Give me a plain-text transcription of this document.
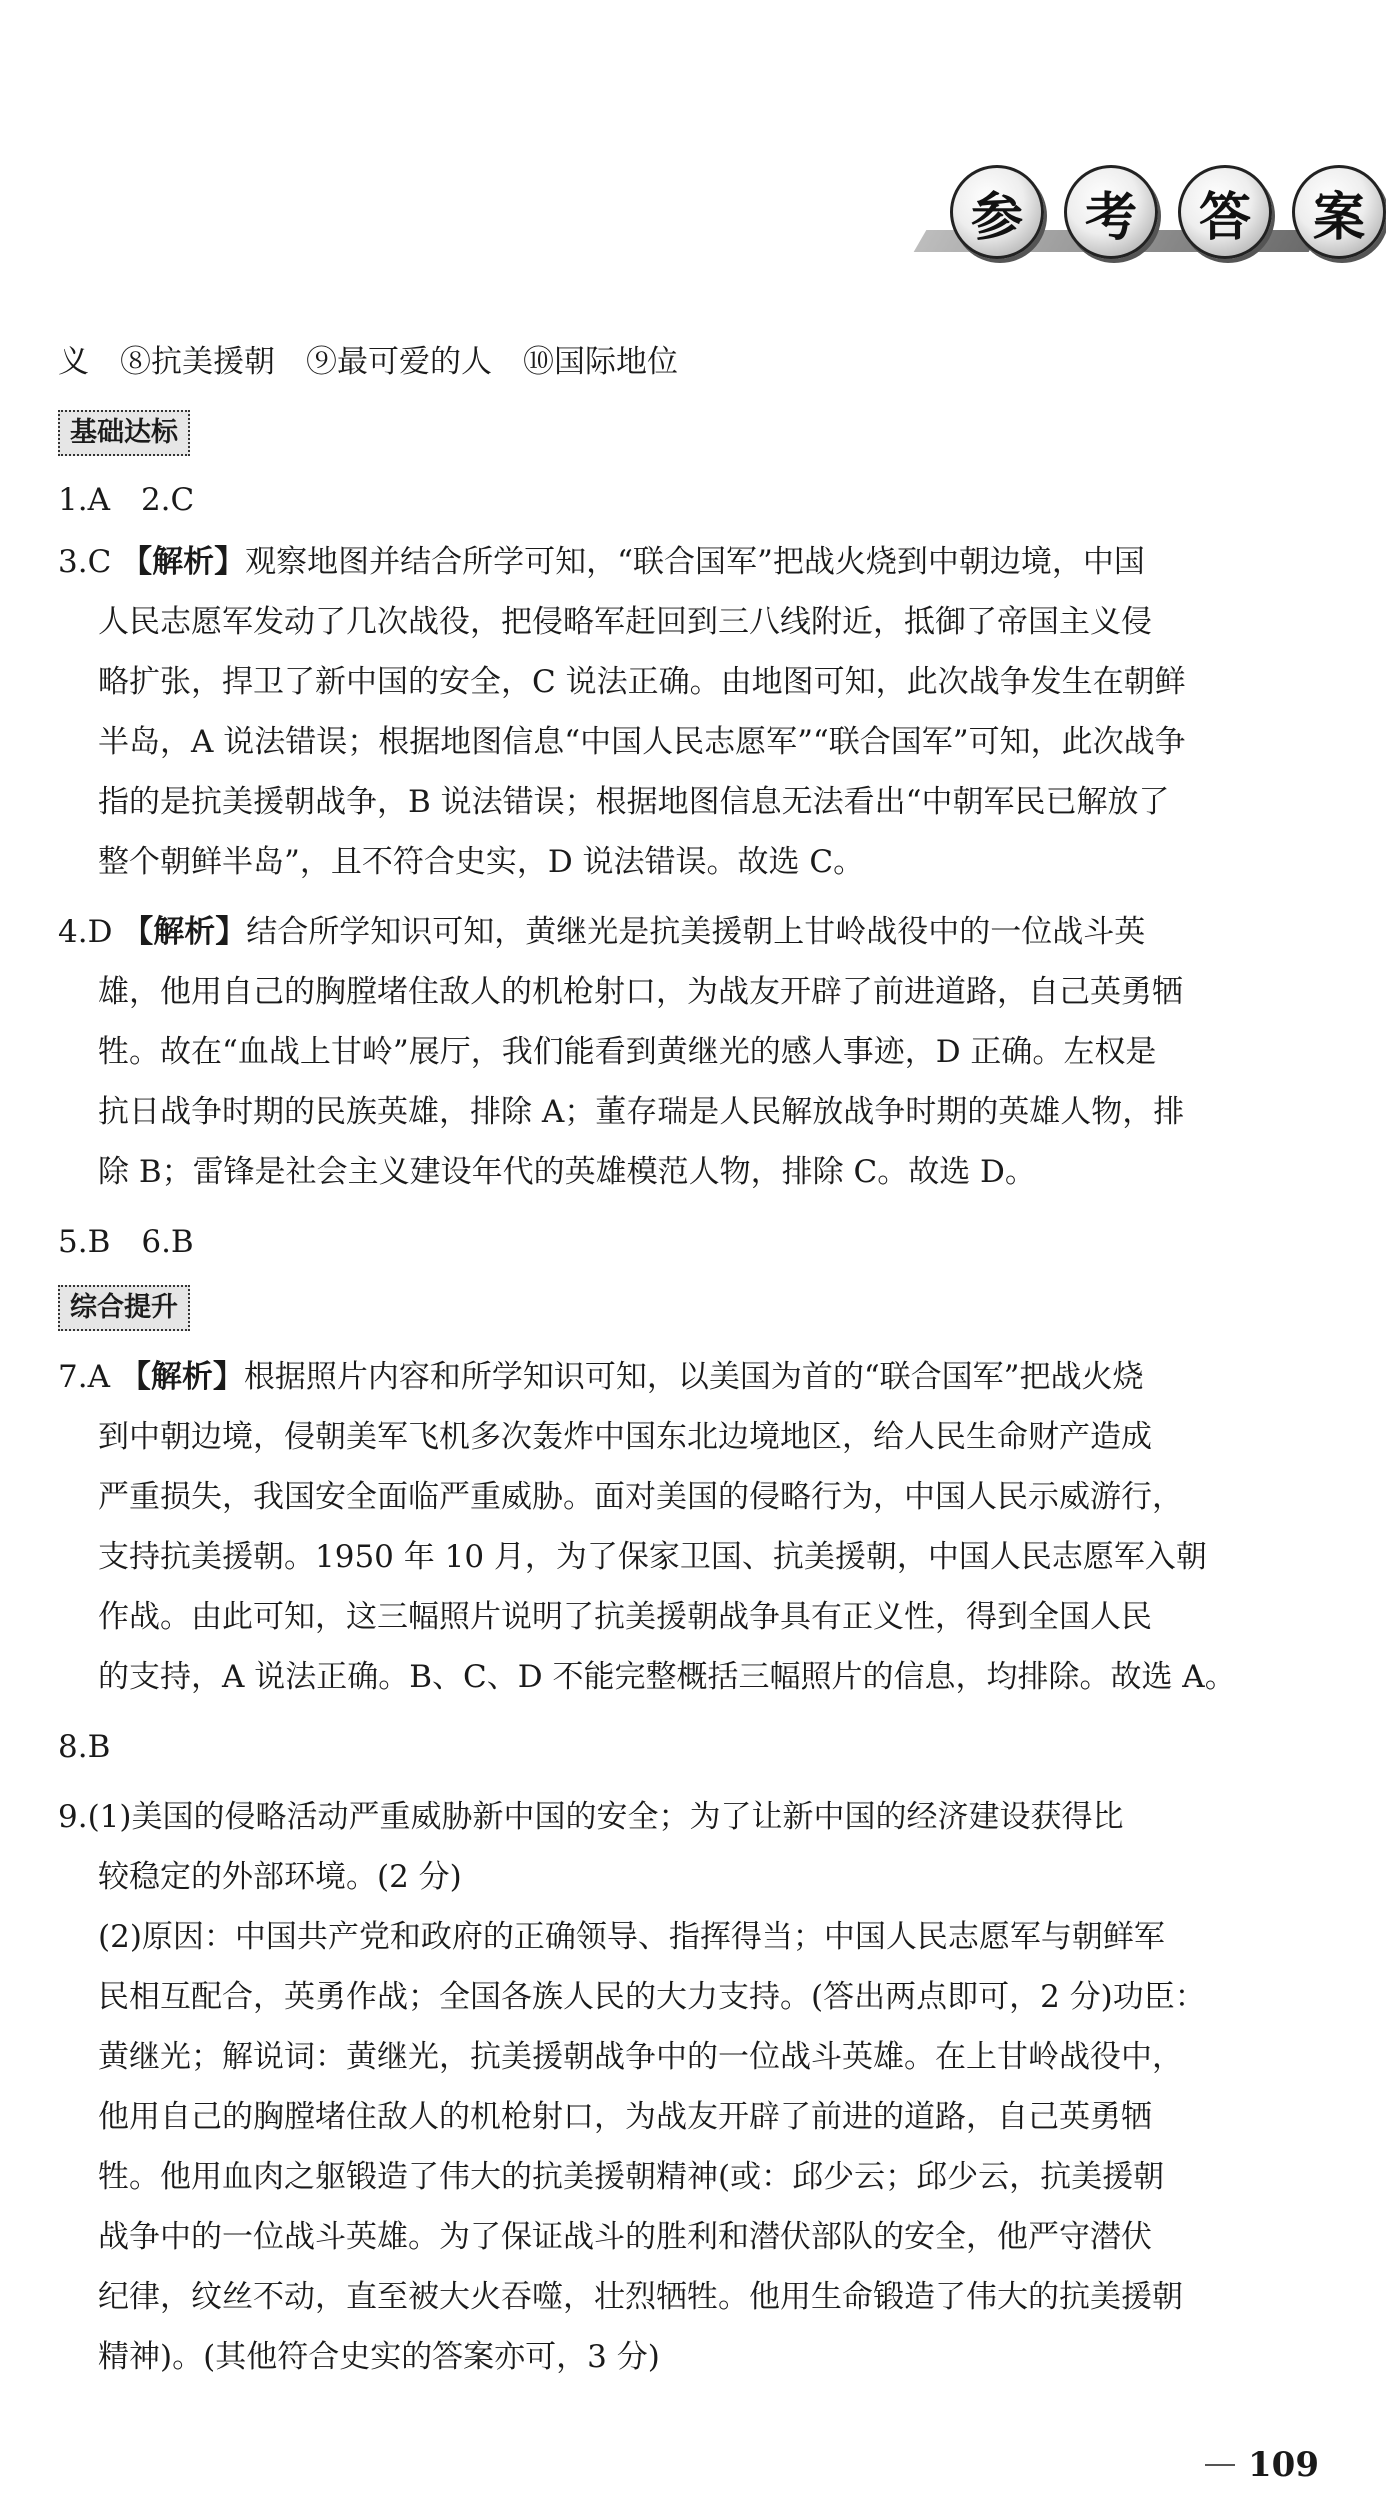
参	考	答	案
义　⑧抗美援朝　⑨最可爱的人　⑩国际地位
基础达标
1.A　2.C
3.C 【解析】观察地图并结合所学可知，“联合国军”把战火烧到中朝边境，中国
人民志愿军发动了几次战役，把侵略军赶回到三八线附近，抵御了帝国主义侵
略扩张，捍卫了新中国的安全，C 说法正确。由地图可知，此次战争发生在朝鲜
半岛，A 说法错误；根据地图信息“中国人民志愿军”“联合国军”可知，此次战争
指的是抗美援朝战争，B 说法错误；根据地图信息无法看出“中朝军民已解放了
整个朝鲜半岛”，且不符合史实，D 说法错误。故选 C。
4.D 【解析】结合所学知识可知，黄继光是抗美援朝上甘岭战役中的一位战斗英
雄，他用自己的胸膛堵住敌人的机枪射口，为战友开辟了前进道路，自己英勇牺
牲。故在“血战上甘岭”展厅，我们能看到黄继光的感人事迹，D 正确。左权是
抗日战争时期的民族英雄，排除 A；董存瑞是人民解放战争时期的英雄人物，排
除 B；雷锋是社会主义建设年代的英雄模范人物，排除 C。故选 D。
5.B　6.B
综合提升
7.A 【解析】根据照片内容和所学知识可知，以美国为首的“联合国军”把战火烧
到中朝边境，侵朝美军飞机多次轰炸中国东北边境地区，给人民生命财产造成
严重损失，我国安全面临严重威胁。面对美国的侵略行为，中国人民示威游行，
支持抗美援朝。1950 年 10 月，为了保家卫国、抗美援朝，中国人民志愿军入朝
作战。由此可知，这三幅照片说明了抗美援朝战争具有正义性，得到全国人民
的支持，A 说法正确。B、C、D 不能完整概括三幅照片的信息，均排除。故选 A。
8.B
9.(1)美国的侵略活动严重威胁新中国的安全；为了让新中国的经济建设获得比
较稳定的外部环境。(2 分)
(2)原因：中国共产党和政府的正确领导、指挥得当；中国人民志愿军与朝鲜军
民相互配合，英勇作战；全国各族人民的大力支持。(答出两点即可，2 分)功臣：
黄继光；解说词：黄继光，抗美援朝战争中的一位战斗英雄。在上甘岭战役中，
他用自己的胸膛堵住敌人的机枪射口，为战友开辟了前进的道路，自己英勇牺
牲。他用血肉之躯锻造了伟大的抗美援朝精神(或：邱少云；邱少云，抗美援朝
战争中的一位战斗英雄。为了保证战斗的胜利和潜伏部队的安全，他严守潜伏
纪律，纹丝不动，直至被大火吞噬，壮烈牺牲。他用生命锻造了伟大的抗美援朝
精神)。(其他符合史实的答案亦可，3 分)
109
